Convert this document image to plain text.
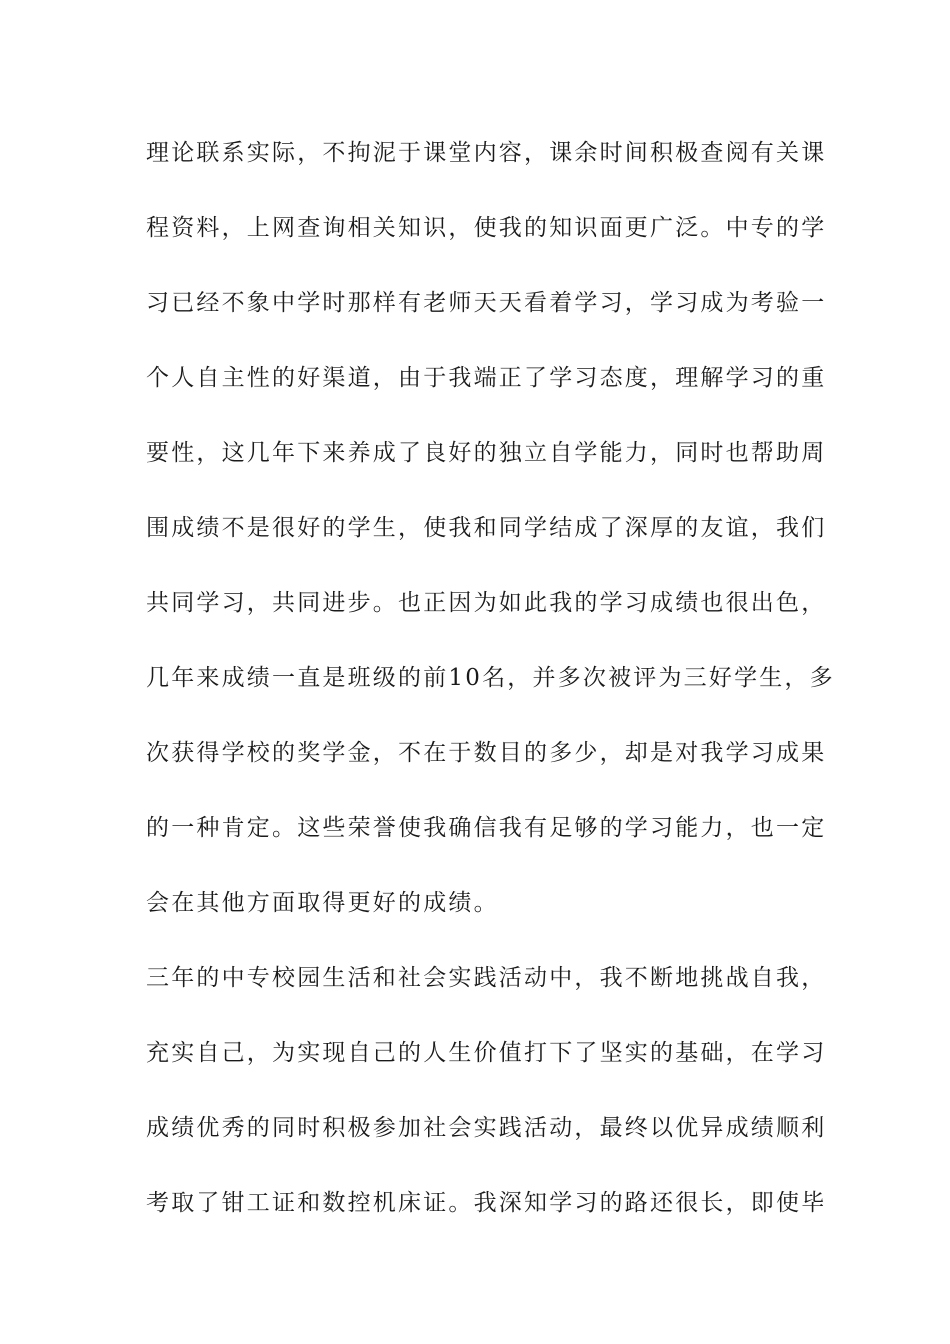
理论联系实际，不拘泥于课堂内容，课余时间积极查阅有关课
程资料，上网查询相关知识，使我的知识面更广泛。中专的学
习已经不象中学时那样有老师天天看着学习，学习成为考验一
个人自主性的好渠道，由于我端正了学习态度，理解学习的重
要性，这几年下来养成了良好的独立自学能力，同时也帮助周
围成绩不是很好的学生，使我和同学结成了深厚的友谊，我们
共同学习，共同进步。也正因为如此我的学习成绩也很出色，
几年来成绩一直是班级的前10名，并多次被评为三好学生，多
次获得学校的奖学金，不在于数目的多少，却是对我学习成果
的一种肯定。这些荣誉使我确信我有足够的学习能力，也一定
会在其他方面取得更好的成绩。
三年的中专校园生活和社会实践活动中，我不断地挑战自我，
充实自己，为实现自己的人生价值打下了坚实的基础，在学习
成绩优秀的同时积极参加社会实践活动，最终以优异成绩顺利
考取了钳工证和数控机床证。我深知学习的路还很长，即使毕
